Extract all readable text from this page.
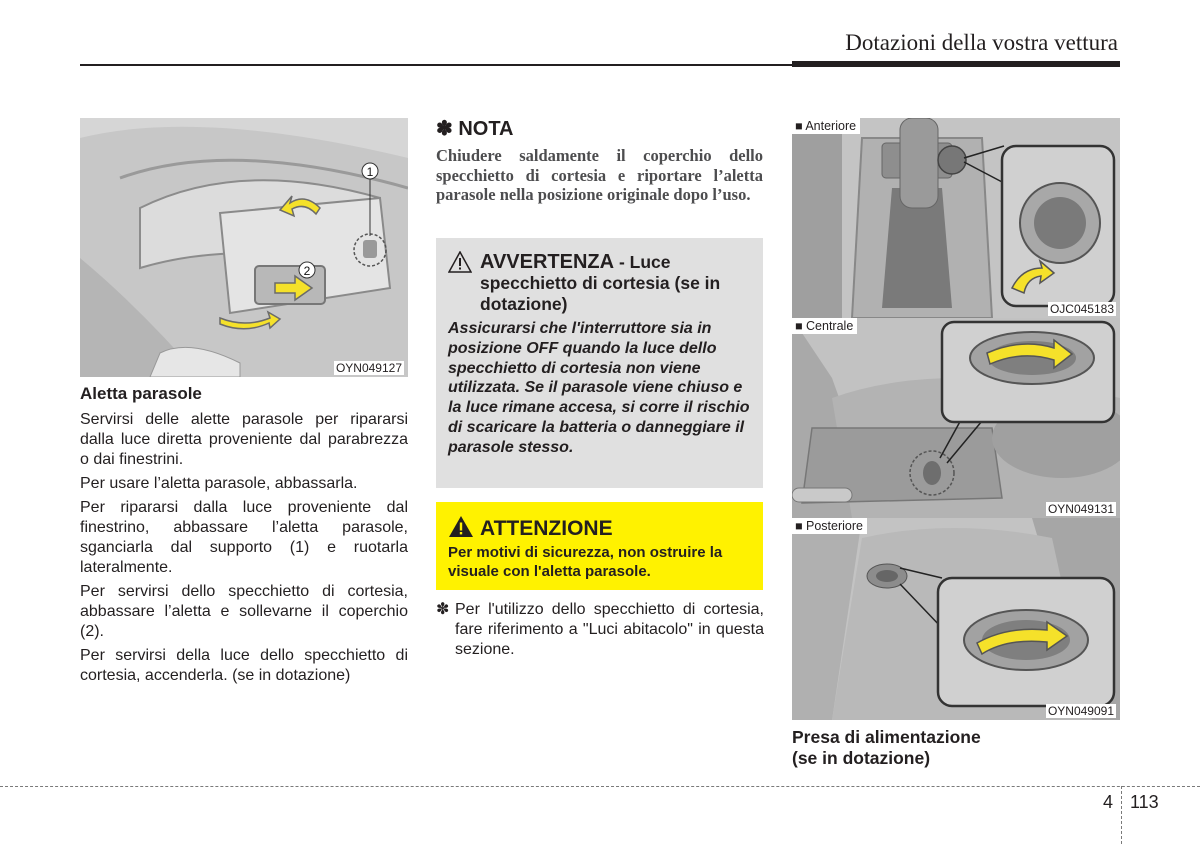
Dotazioni della vostra vettura
1
2
OYN049127
Aletta parasole

Servirsi delle alette parasole per ripararsi dalla luce diretta proveniente dal parabrezza o dai finestrini.

Per usare l’aletta parasole, abbassarla.

Per ripararsi dalla luce proveniente dal finestrino, abbassare l’aletta parasole, sganciarla dal supporto (1) e ruotarla lateralmente.

Per servirsi dello specchietto di cortesia, abbassare l’aletta e sollevarne il coperchio (2).

Per servirsi della luce dello specchietto di cortesia, accenderla. (se in dotazione)

✽ NOTA
Chiudere saldamente il coperchio dello specchietto di cortesia e riportare l’aletta parasole nella posizione originale dopo l’uso.
AVVERTENZA - Luce specchietto di cortesia (se in dotazione)
Assicurarsi che l'interruttore sia in posizione OFF quando la luce dello specchietto di cortesia non viene utilizzata. Se il parasole viene chiuso e la luce rimane accesa, si corre il rischio di scaricare la batteria o danneggiare il parasole stesso.
ATTENZIONE
Per motivi di sicurezza, non ostruire la visuale con l'aletta parasole.
✽ Per l'utilizzo dello specchietto di cortesia, fare riferimento a "Luci abitacolo" in questa sezione.
■ Anteriore
OJC045183
■ Centrale
OYN049131
■ Posteriore
OYN049091
Presa di alimentazione
(se in dotazione)
4 113
